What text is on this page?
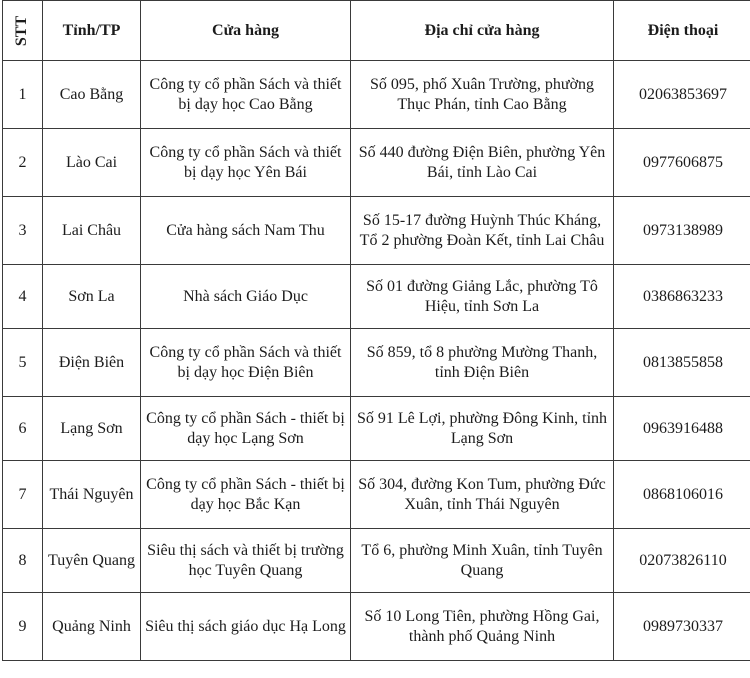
STT	Tỉnh/TP	Cửa hàng	Địa chỉ cửa hàng	Điện thoại
1	Cao Bằng	Công ty cổ phần Sách và thiết bị dạy học Cao Bằng	Số 095, phố Xuân Trường, phường Thục Phán, tỉnh Cao Bằng	02063853697
2	Lào Cai	Công ty cổ phần Sách và thiết bị dạy học Yên Bái	Số 440 đường Điện Biên, phường Yên Bái, tỉnh Lào Cai	0977606875
3	Lai Châu	Cửa hàng sách Nam Thu	Số 15-17 đường Huỳnh Thúc Kháng, Tổ 2 phường Đoàn Kết, tỉnh Lai Châu	0973138989
4	Sơn La	Nhà sách Giáo Dục	Số 01 đường Giảng Lắc, phường Tô Hiệu, tỉnh Sơn La	0386863233
5	Điện Biên	Công ty cổ phần Sách và thiết bị dạy học Điện Biên	Số 859, tổ 8 phường Mường Thanh, tỉnh Điện Biên	0813855858
6	Lạng Sơn	Công ty cổ phần Sách - thiết bị dạy học Lạng Sơn	Số 91 Lê Lợi, phường Đông Kinh, tỉnh Lạng Sơn	0963916488
7	Thái Nguyên	Công ty cổ phần Sách - thiết bị dạy học Bắc Kạn	Số 304, đường Kon Tum, phường Đức Xuân, tỉnh Thái Nguyên	0868106016
8	Tuyên Quang	Siêu thị sách và thiết bị trường học Tuyên Quang	Tổ 6, phường Minh Xuân, tỉnh Tuyên Quang	02073826110
9	Quảng Ninh	Siêu thị sách giáo dục Hạ Long	Số 10 Long Tiên, phường Hồng Gai, thành phố Quảng Ninh	0989730337
